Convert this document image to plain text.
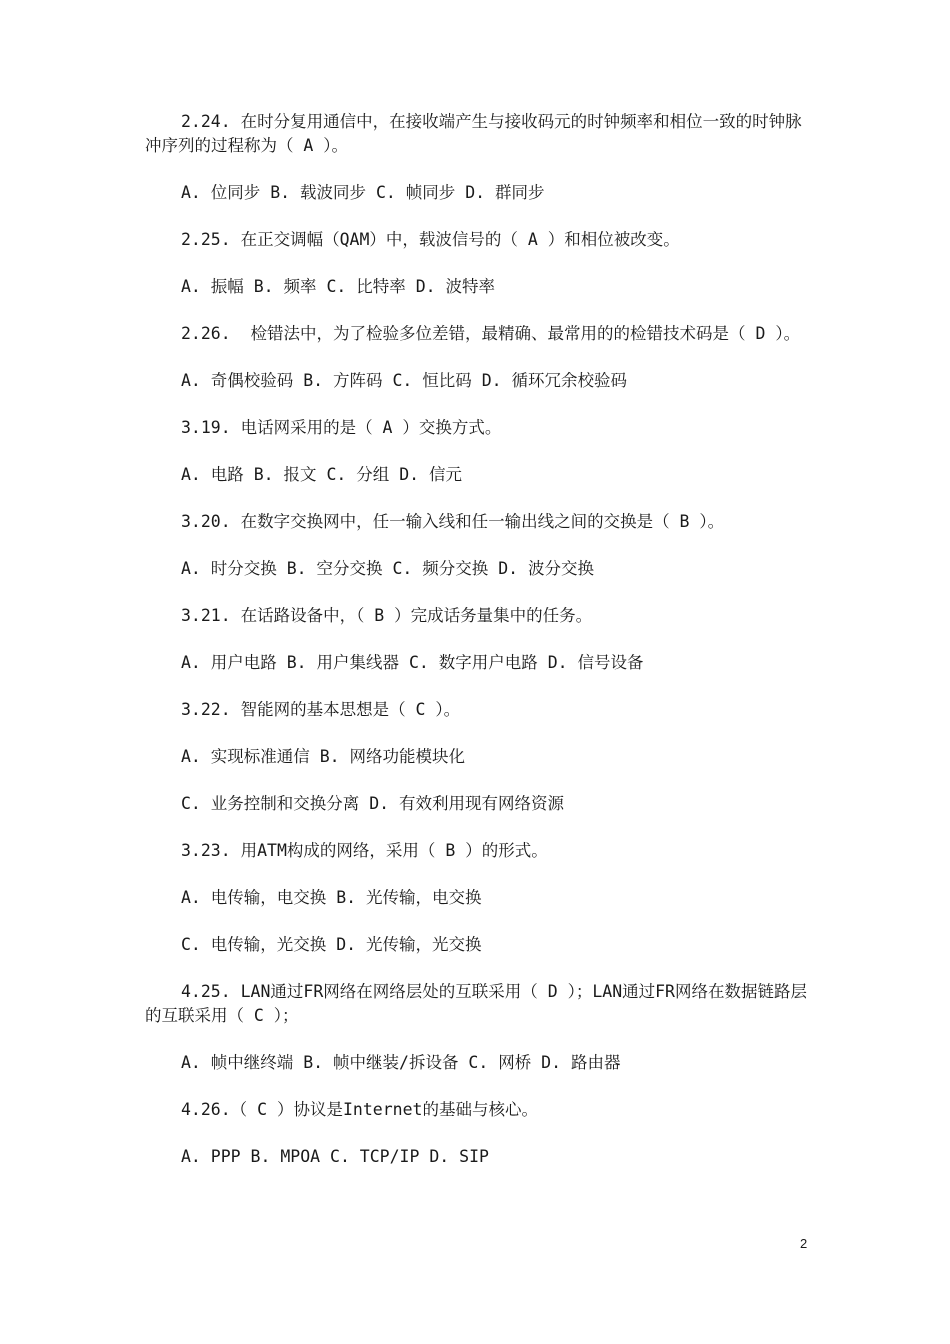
2.24. 在时分复用通信中，在接收端产生与接收码元的时钟频率和相位一致的时钟脉冲序列的过程称为（ A ）。

A. 位同步 B. 载波同步 C. 帧同步 D. 群同步

2.25. 在正交调幅（QAM）中，载波信号的（ A ）和相位被改变。

A. 振幅 B. 频率 C. 比特率 D. 波特率

2.26.  检错法中，为了检验多位差错，最精确、最常用的的检错技术码是（ D ）。

A. 奇偶校验码 B. 方阵码 C. 恒比码 D. 循环冗余校验码

3.19. 电话网采用的是（ A ）交换方式。

A. 电路 B. 报文 C. 分组 D. 信元

3.20. 在数字交换网中，任一输入线和任一输出线之间的交换是（ B ）。

A. 时分交换 B. 空分交换 C. 频分交换 D. 波分交换

3.21. 在话路设备中，（ B ）完成话务量集中的任务。

A. 用户电路 B. 用户集线器 C. 数字用户电路 D. 信号设备

3.22. 智能网的基本思想是（ C ）。

A. 实现标准通信 B. 网络功能模块化

C. 业务控制和交换分离 D. 有效利用现有网络资源

3.23. 用ATM构成的网络，采用（ B ）的形式。

A. 电传输，电交换 B. 光传输，电交换

C. 电传输，光交换 D. 光传输，光交换

4.25. LAN通过FR网络在网络层处的互联采用（ D ）；LAN通过FR网络在数据链路层的互联采用（ C ）；

A. 帧中继终端 B. 帧中继装/拆设备 C. 网桥 D. 路由器

4.26.（ C ）协议是Internet的基础与核心。

A. PPP B. MPOA C. TCP/IP D. SIP

2
